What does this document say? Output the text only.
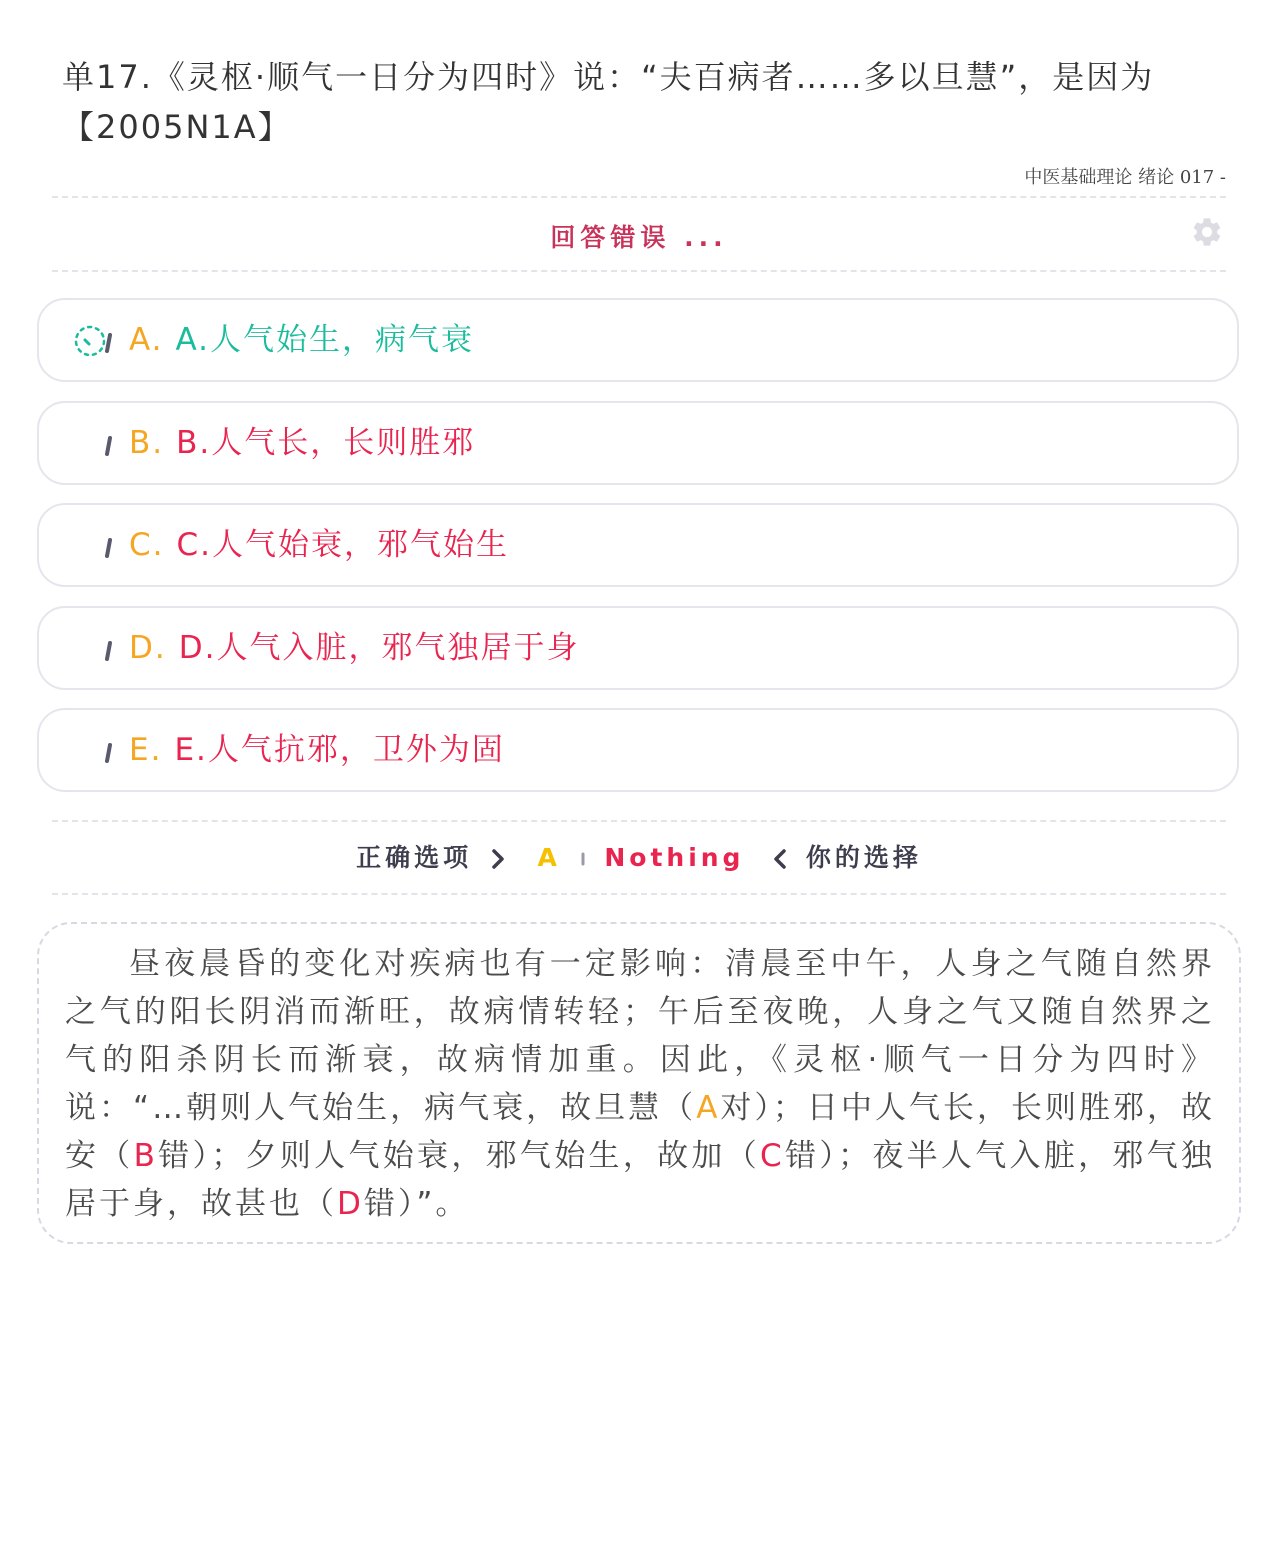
单17.《灵枢·顺气一日分为四时》说：“夫百病者……多以旦慧”，是因为【2005N1A】
中医基础理论 绪论 017 -
回答错误 ...
A. A.人气始生，病气衰
B. B.人气长，长则胜邪
C. C.人气始衰，邪气始生
D. D.人气入脏，邪气独居于身
E. E.人气抗邪，卫外为固
正确选项	A Nothing 你的选择
昼夜晨昏的变化对疾病也有一定影响：清晨至中午，人身之气随自然界之气的阳长阴消而渐旺，故病情转轻；午后至夜晚，人身之气又随自然界之气的阳杀阴长而渐衰，故病情加重。因此，《灵枢·顺气一日分为四时》说：“…朝则人气始生，病气衰，故旦慧（A对）；日中人气长，长则胜邪，故安（B错）；夕则人气始衰，邪气始生，故加（C错）；夜半人气入脏，邪气独居于身，故甚也（D错）”。
